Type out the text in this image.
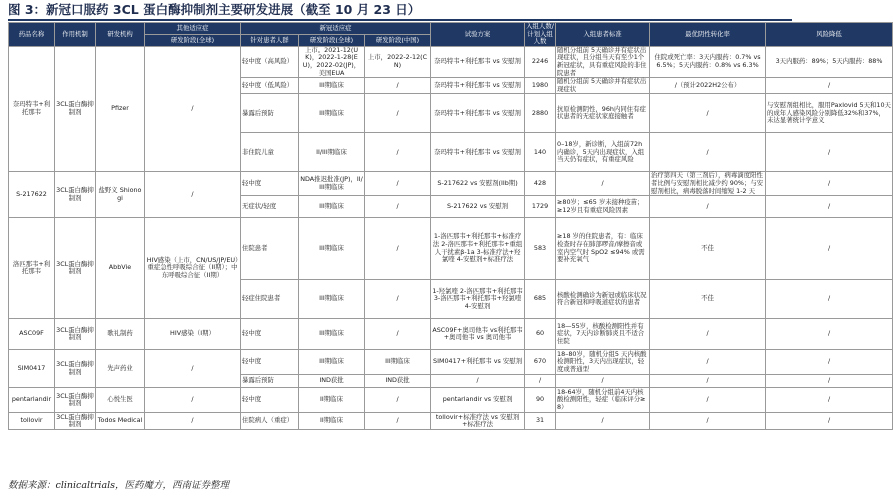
图 3：新冠口服药 3CL 蛋白酶抑制剂主要研发进展（截至 10 月 23 日）
药品名称	作用机制	研发机构	其他适应症	新冠适应症			试验方案	入组人数/计划入组人数	入组患者标准	最优阴性转化率	风险降低
			研发阶段(全球)	针对患者人群	研发阶段(全球)	研发阶段(中国)					
奈玛特韦+利托那韦	3CL蛋白酶抑制剂	Pfizer	/	轻中度（高风险）	上市。2021-12(UK)，2022-1-28(EU)，2022-02(JP)，美国EUA	上市，2022-2-12(CN)	奈玛特韦+利托那韦 vs 安慰剂	2246	随机分组前 5天确诊并有症状出现症状，且分组当天有至少1个新冠症状，具有重症风险的非住院患者	住院或死亡率：3天内服药：0.7% vs 6.5%；5天内服药：0.8% vs 6.3%	3天内服药：89%；5天内服药：88%
				轻中度（低风险）	III期临床	/	奈玛特韦+利托那韦 vs 安慰剂	1980	随机分组前 5天确诊并有症状出现症状	/（预计2022H2公布）	/
				暴露后预防	III期临床	/	奈玛特韦+利托那韦 vs 安慰剂	2880	抗原检测阴性，96h内同住有症状患者的无症状家庭接触者	/	与安慰剂组相比，服用Paxlovid 5天和10天的成年人感染风险分别降低32%和37%，未达显著统计学意义
				非住院儿童	II/III期临床	/	奈玛特韦+利托那韦 vs 安慰剂	140	0–18岁，新诊断，入组前72h内确诊，5天内出现症状，入组当天仍有症状，有重症风险	/	/
S-217622	3CL蛋白酶抑制剂	盐野义 Shionogi	/	轻中度	NDA推迟批准(JP)，II/III期临床	/	S-217622 vs 安慰剂(IIb期)	428	/	治疗第四天（第三剂后），病毒滴度阳性者比例与安慰剂相比减少约 90%；与安慰剂相比，病毒脱落时间缩短 1-2 天	/
				无症状/轻度	III期临床	/	S-217622 vs 安慰剂	1729	≥80岁；≤65 岁未接种疫苗；≥12岁且有重症风险因素	/	/
洛匹那韦+利托那韦	3CL蛋白酶抑制剂	AbbVie	HIV感染（上市，CN/US/JP/EU）重症急性呼吸综合征（II期）；中东呼吸综合征（II期）	住院患者	III期临床	/	1-洛匹那韦+利托那韦+标准疗法 2-洛匹那韦+利托那韦+重组人干扰素β-1a 3-标准疗法+羟氯喹 4-安慰剂+标准疗法	583	≥18 岁的住院患者，有：临床检查时存在肺部啰音/摩擦音或室内空气时 SpO2 ≤94% 或需要补充氧气	不佳	/
				轻症住院患者	III期临床	/	1-羟氯喹 2-洛匹那韦+利托那韦 3-洛匹那韦+利托那韦+羟氯喹 4-安慰剂	685	核酸检测确诊为新冠或临床状况符合新冠和呼吸道症状的患者	不佳	/
ASC09F	3CL蛋白酶抑制剂	歌礼制药	HIV感染（I期）	轻中度	III期临床	/	ASC09F+奥司他韦 vs利托那韦+奥司他韦 vs 奥司他韦	60	18—55岁，核酸检测阳性并有症状，7天内诊断肺炎且不适合住院	/	/
SIM0417	3CL蛋白酶抑制剂	先声药业	/	轻中度	III期临床	III期临床	SIM0417+利托那韦 vs 安慰剂	670	18–80岁，随机分组5 天内核酸检测阳性，3天内出现症状，轻度或普通型	/	/
				暴露后预防	IND获批	IND获批	/	/	/	/	/
pentarlandir	3CL蛋白酶抑制剂	心悦生医	/	轻中度	II期临床	/	pentarlandir vs 安慰剂	90	18-64岁，随机分组前4天内核酸检测阳性，轻症（临床评分≥8）	/	/
tollovir	3CL蛋白酶抑制剂	Todos Medical	/	住院病人（重症）	II期临床	/	tollovir+标准疗法 vs 安慰剂+标准疗法	31	/	/	/
数据来源：clinicaltrials，医药魔方，西南证券整理
